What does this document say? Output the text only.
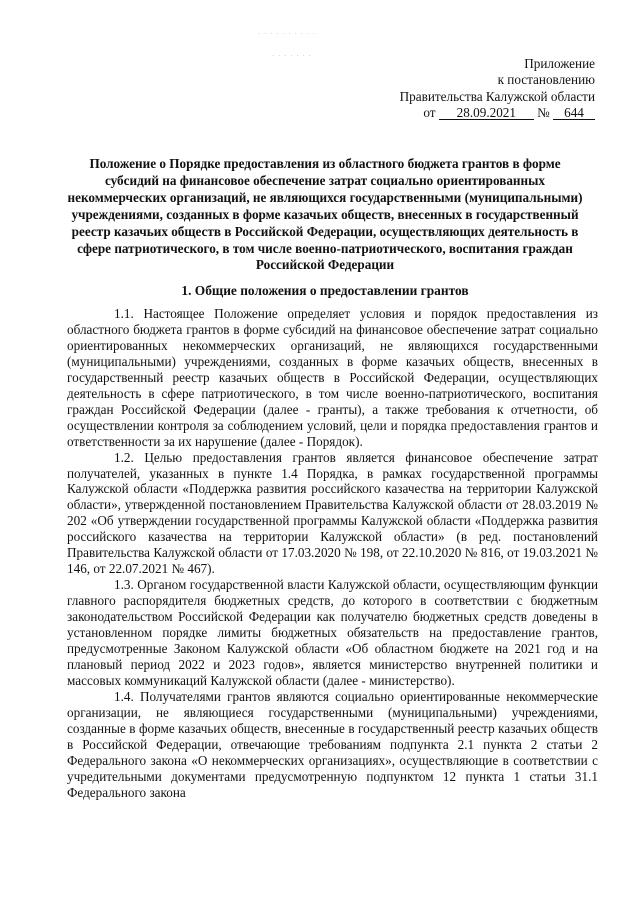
· · · · · · · · · ·
· · · · · · ·	Приложение
к постановлению
Правительства Калужской области
от 28.09.2021 № 644
Положение о Порядке предоставления из областного бюджета грантов в форме субсидий на финансовое обеспечение затрат социально ориентированных некоммерческих организаций, не являющихся государственными (муниципальными) учреждениями, созданных в форме казачьих обществ, внесенных в государственный реестр казачьих обществ в Российской Федерации, осуществляющих деятельность в сфере патриотического, в том числе военно-патриотического, воспитания граждан Российской Федерации
1. Общие положения о предоставлении грантов

1.1. Настоящее Положение определяет условия и порядок предоставления из областного бюджета грантов в форме субсидий на финансовое обеспечение затрат социально ориентированных некоммерческих организаций, не являющихся государственными (муниципальными) учреждениями, созданных в форме казачьих обществ, внесенных в государственный реестр казачьих обществ в Российской Федерации, осуществляющих деятельность в сфере патриотического, в том числе военно-патриотического, воспитания граждан Российской Федерации (далее - гранты), а также требования к отчетности, об осуществлении контроля за соблюдением условий, цели и порядка предоставления грантов и ответственности за их нарушение (далее - Порядок).

1.2. Целью предоставления грантов является финансовое обеспечение затрат получателей, указанных в пункте 1.4 Порядка, в рамках государственной программы Калужской области «Поддержка развития российского казачества на территории Калужской области», утвержденной постановлением Правительства Калужской области от 28.03.2019 № 202 «Об утверждении государственной программы Калужской области «Поддержка развития российского казачества на территории Калужской области» (в ред. постановлений Правительства Калужской области от 17.03.2020 № 198, от 22.10.2020 № 816, от 19.03.2021 № 146, от 22.07.2021 № 467).

1.3. Органом государственной власти Калужской области, осуществляющим функции главного распорядителя бюджетных средств, до которого в соответствии с бюджетным законодательством Российской Федерации как получателю бюджетных средств доведены в установленном порядке лимиты бюджетных обязательств на предоставление грантов, предусмотренные Законом Калужской области «Об областном бюджете на 2021 год и на плановый период 2022 и 2023 годов», является министерство внутренней политики и массовых коммуникаций Калужской области (далее - министерство).

1.4. Получателями грантов являются социально ориентированные некоммерческие организации, не являющиеся государственными (муниципальными) учреждениями, созданные в форме казачьих обществ, внесенные в государственный реестр казачьих обществ в Российской Федерации, отвечающие требованиям подпункта 2.1 пункта 2 статьи 2 Федерального закона «О некоммерческих организациях», осуществляющие в соответствии с учредительными документами предусмотренную подпунктом 12 пункта 1 статьи 31.1 Федерального закона
